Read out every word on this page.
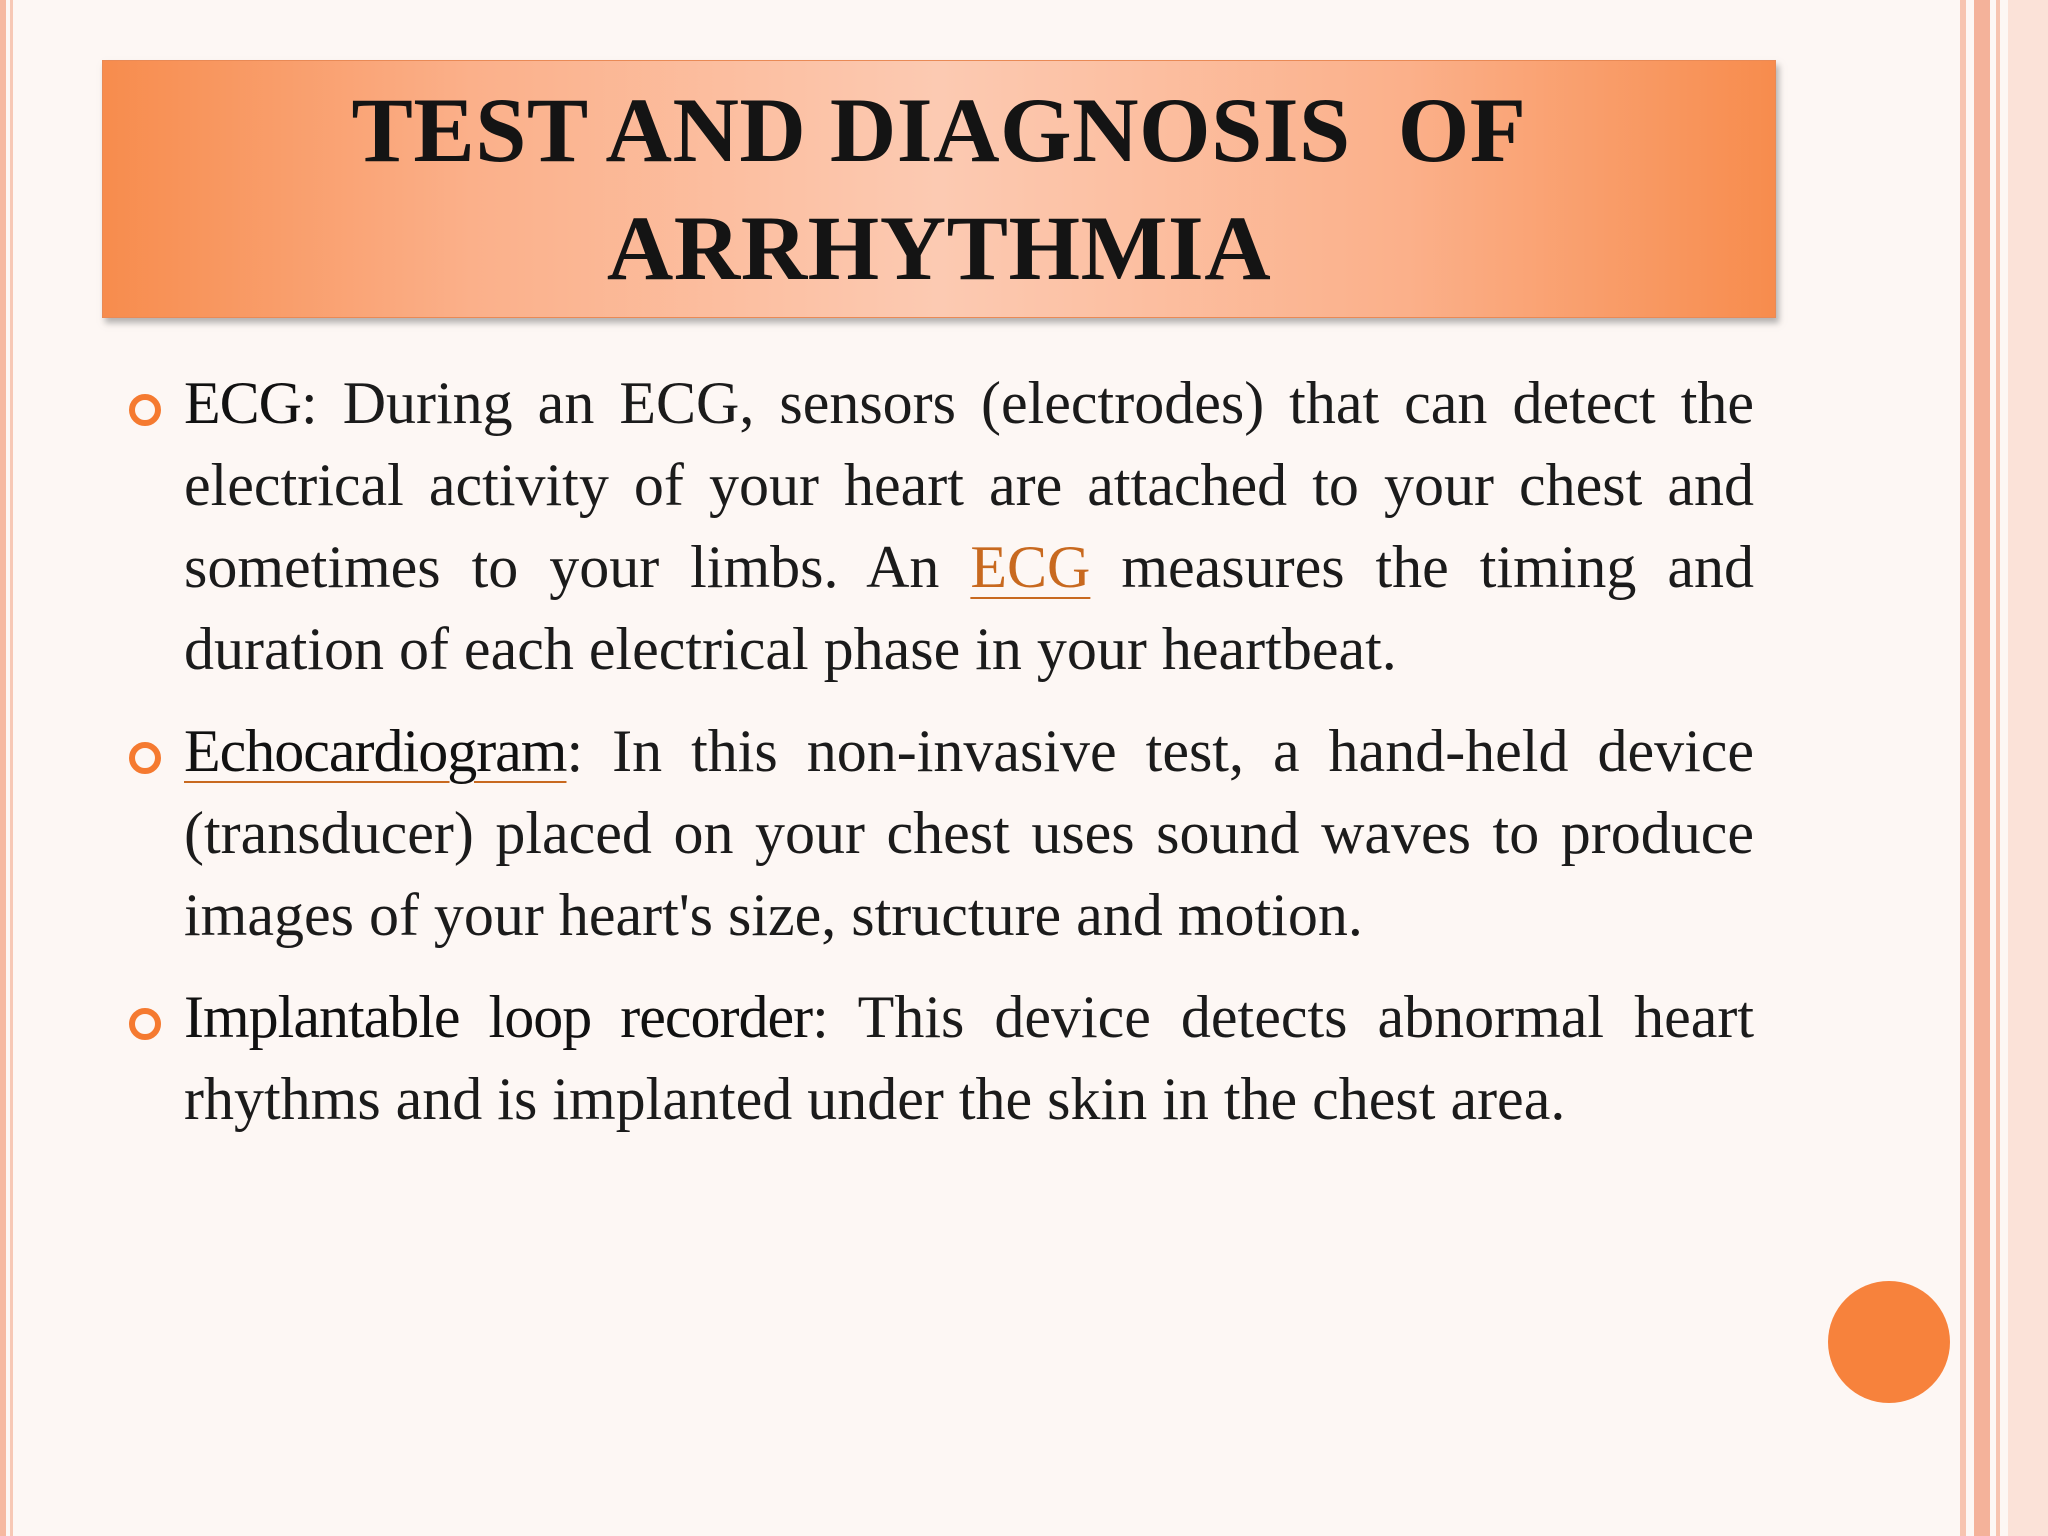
TEST AND DIAGNOSIS  OF
ARRHYTHMIA
ECG: During an ECG, sensors (electrodes) that can detect the electrical activity of your heart are attached to your chest and sometimes to your limbs. An ECG measures the timing and duration of each electrical phase in your heartbeat.
Echocardiogram: In this non-invasive test, a hand-held device (transducer) placed on your chest uses sound waves to produce images of your heart's size, structure and motion.
Implantable loop recorder: This device detects abnormal heart rhythms and is implanted under the skin in the chest area.
